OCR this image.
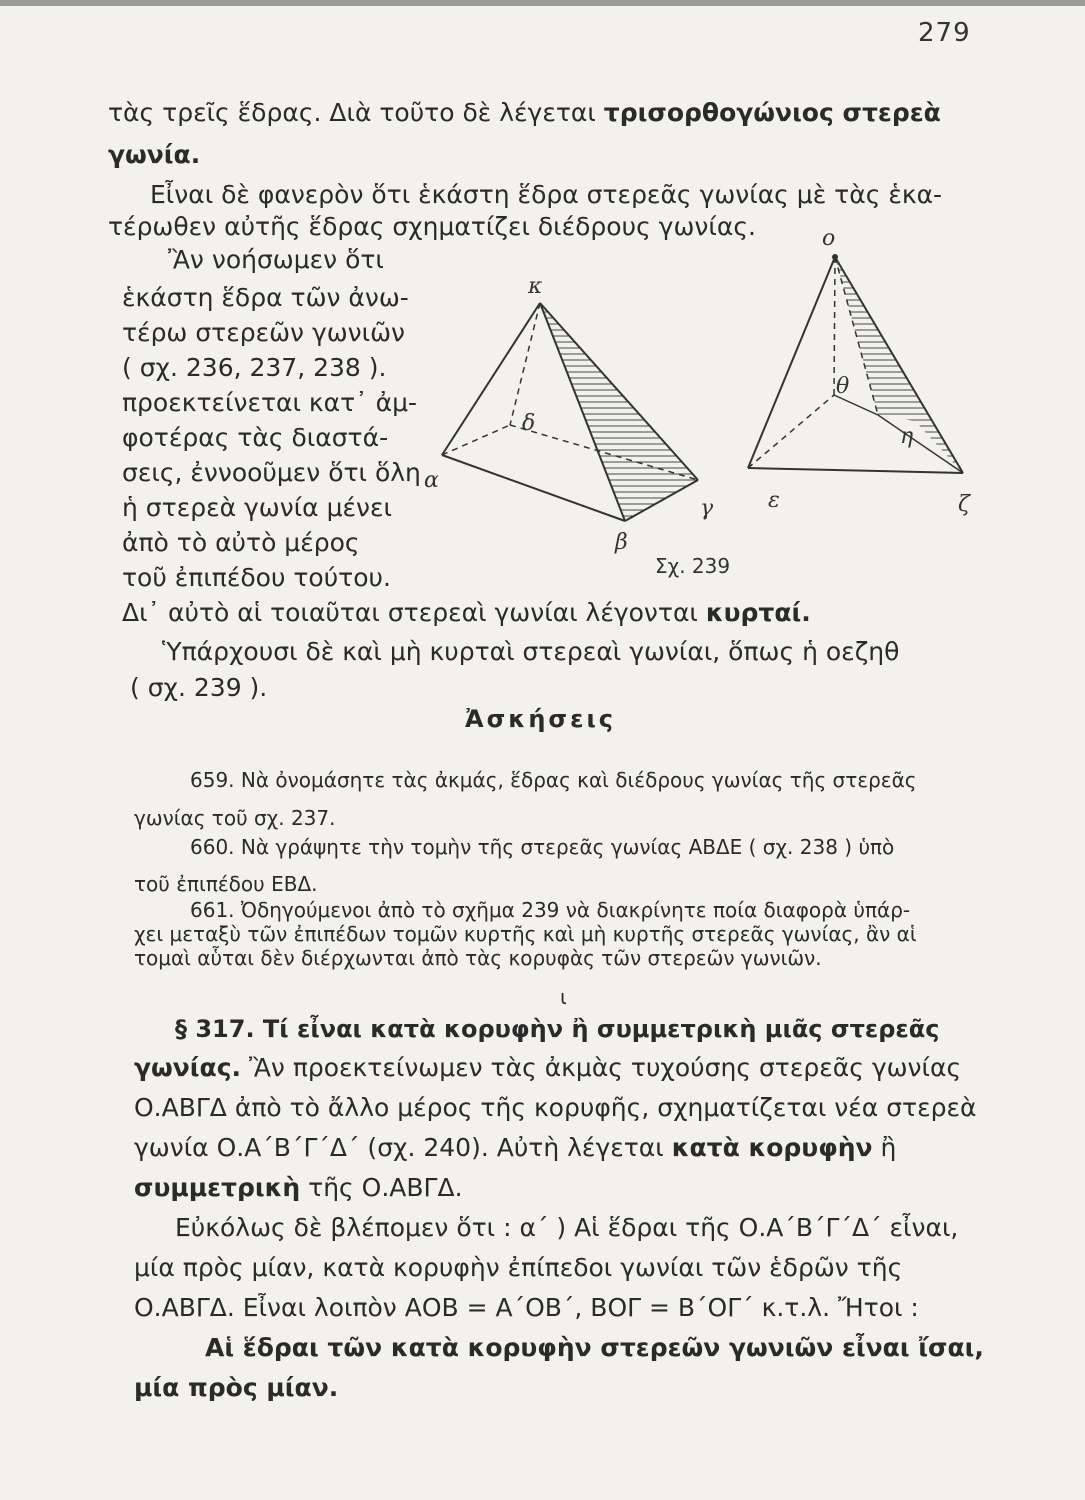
279
τὰς τρεῖς ἕδρας. Διὰ τοῦτο δὲ λέγεται τρισορθογώνιος στερεὰ
γωνία.
Εἶναι δὲ φανερὸν ὅτι ἑκάστη ἕδρα στερεᾶς γωνίας μὲ τὰς ἑκα-
τέρωθεν αὐτῆς ἕδρας σχηματίζει διέδρους γωνίας.
Ἂν νοήσωμεν ὅτι
ἑκάστη ἕδρα τῶν ἀνω-
τέρω στερεῶν γωνιῶν
( σχ. 236, 237, 238 ).
προεκτείνεται κατ᾽ ἀμ-
φοτέρας τὰς διαστά-
σεις, ἐννοοῦμεν ὅτι ὅλη
ἡ στερεὰ γωνία μένει
ἀπὸ τὸ αὐτὸ μέρος
τοῦ ἐπιπέδου τούτου.
Δι᾽ αὐτὸ αἱ τοιαῦται στερεαὶ γωνίαι λέγονται κυρταί.
κ
δ
α
γ
β
ο
θ
η
ε	ζ
Σχ. 239
Ὑπάρχουσι δὲ καὶ μὴ κυρταὶ στερεαὶ γωνίαι, ὅπως ἡ οεζηθ
( σχ. 239 ).
Ἀσκήσεις
659. Νὰ ὀνομάσητε τὰς ἀκμάς, ἕδρας καὶ διέδρους γωνίας τῆς στερεᾶς
γωνίας τοῦ σχ. 237.
660. Νὰ γράψητε τὴν τομὴν τῆς στερεᾶς γωνίας ΑΒΔΕ ( σχ. 238 ) ὑπὸ
τοῦ ἐπιπέδου ΕΒΔ.
661. Ὀδηγούμενοι ἀπὸ τὸ σχῆμα 239 νὰ διακρίνητε ποία διαφορὰ ὑπάρ-
χει μεταξὺ τῶν ἐπιπέδων τομῶν κυρτῆς καὶ μὴ κυρτῆς στερεᾶς γωνίας, ἂν αἱ
τομαὶ αὗται δὲν διέρχωνται ἀπὸ τὰς κορυφὰς τῶν στερεῶν γωνιῶν.
ι
§ 317. Τί εἶναι κατὰ κορυφὴν ἢ συμμετρικὴ μιᾶς στερεᾶς
γωνίας. Ἂν προεκτείνωμεν τὰς ἀκμὰς τυχούσης στερεᾶς γωνίας
Ο.ΑΒΓΔ ἀπὸ τὸ ἄλλο μέρος τῆς κορυφῆς, σχηματίζεται νέα στερεὰ
γωνία Ο.Α΄Β΄Γ΄Δ΄ (σχ. 240). Αὐτὴ λέγεται κατὰ κορυφὴν ἢ
συμμετρικὴ τῆς Ο.ΑΒΓΔ.
Εὐκόλως δὲ βλέπομεν ὅτι : α΄ ) Αἱ ἕδραι τῆς Ο.Α΄Β΄Γ΄Δ΄ εἶναι,
μία πρὸς μίαν, κατὰ κορυφὴν ἐπίπεδοι γωνίαι τῶν ἑδρῶν τῆς
Ο.ΑΒΓΔ. Εἶναι λοιπὸν ΑΟΒ = Α΄ΟΒ΄, ΒΟΓ = Β΄ΟΓ΄ κ.τ.λ. Ἤτοι :
Αἱ ἕδραι τῶν κατὰ κορυφὴν στερεῶν γωνιῶν εἶναι ἴσαι,
μία πρὸς μίαν.
